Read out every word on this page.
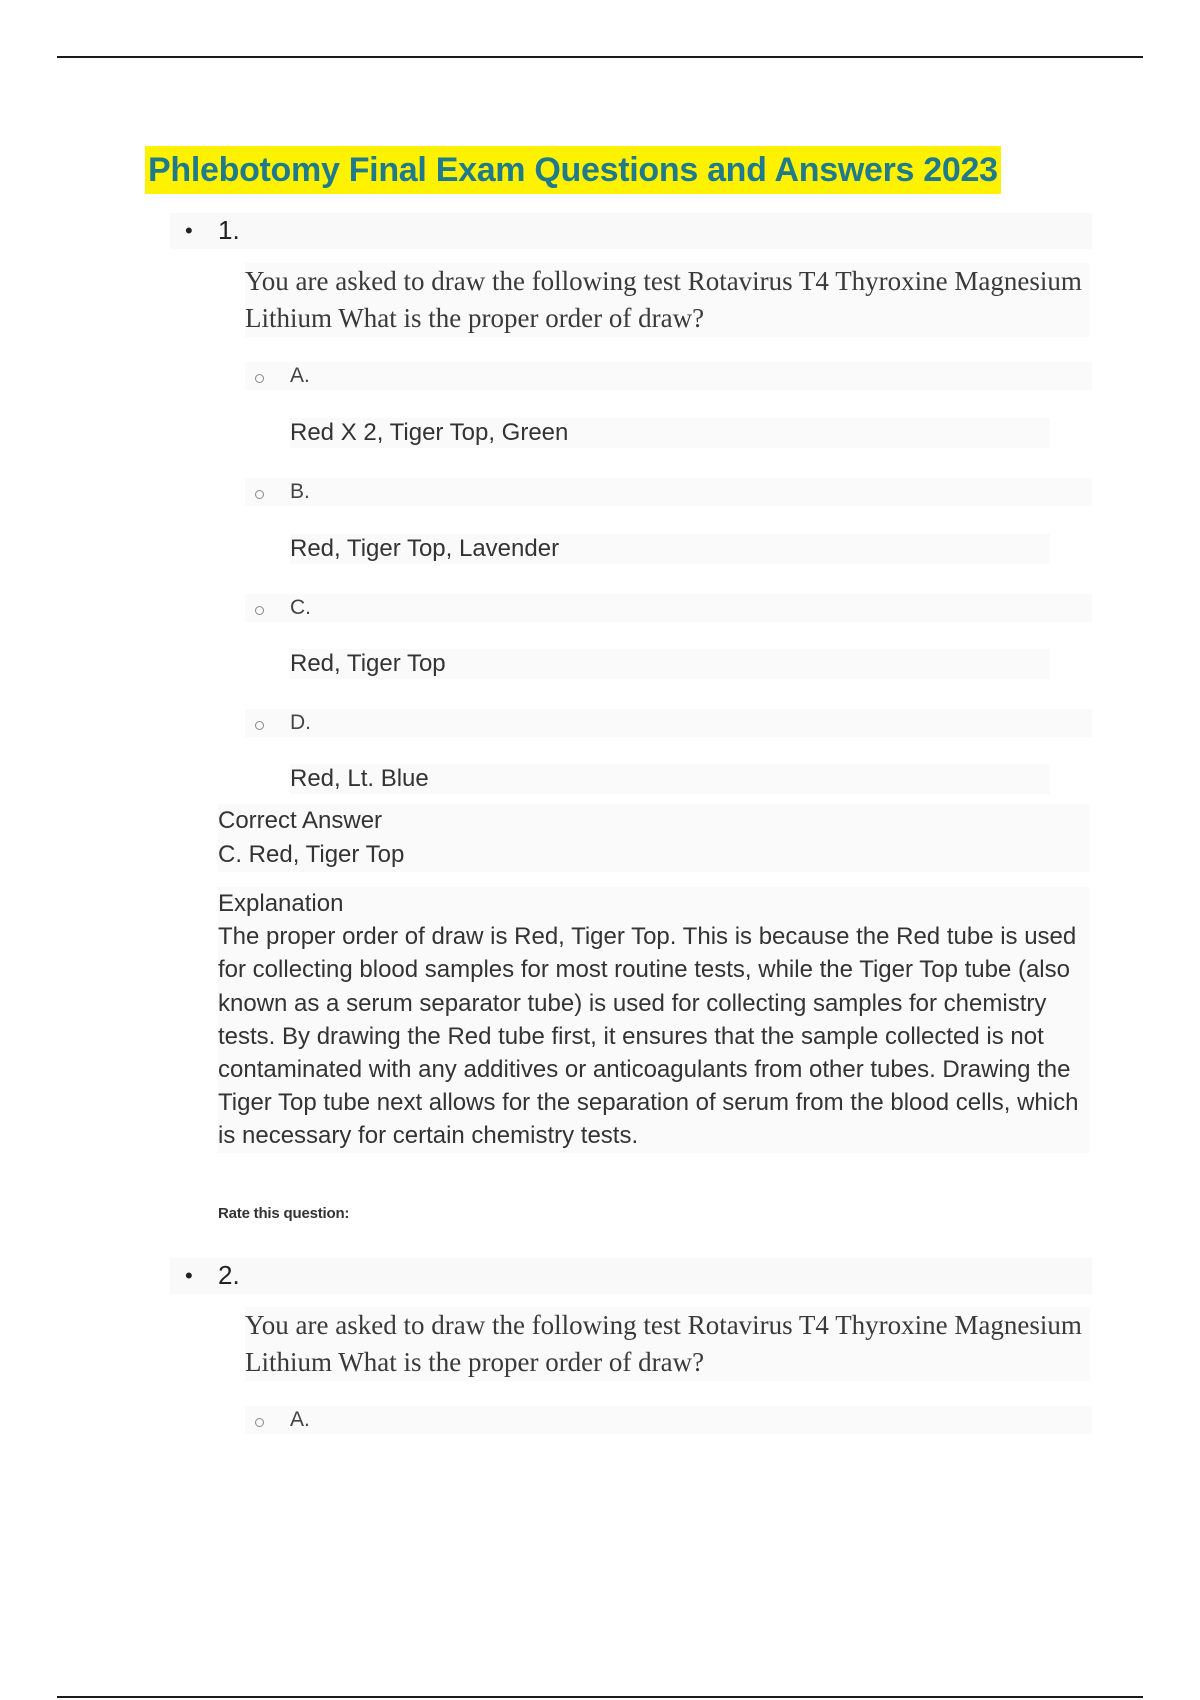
Phlebotomy Final Exam Questions and Answers 2023
• 1.
You are asked to draw the following test Rotavirus T4 Thyroxine Magnesium Lithium What is the proper order of draw?
A.
Red X 2, Tiger Top, Green
B.
Red, Tiger Top, Lavender
C.
Red, Tiger Top
D.
Red, Lt. Blue
Correct Answer
C. Red, Tiger Top
Explanation
The proper order of draw is Red, Tiger Top. This is because the Red tube is used for collecting blood samples for most routine tests, while the Tiger Top tube (also known as a serum separator tube) is used for collecting samples for chemistry tests. By drawing the Red tube first, it ensures that the sample collected is not contaminated with any additives or anticoagulants from other tubes. Drawing the Tiger Top tube next allows for the separation of serum from the blood cells, which is necessary for certain chemistry tests.
Rate this question:
• 2.
You are asked to draw the following test Rotavirus T4 Thyroxine Magnesium Lithium What is the proper order of draw?
A.
